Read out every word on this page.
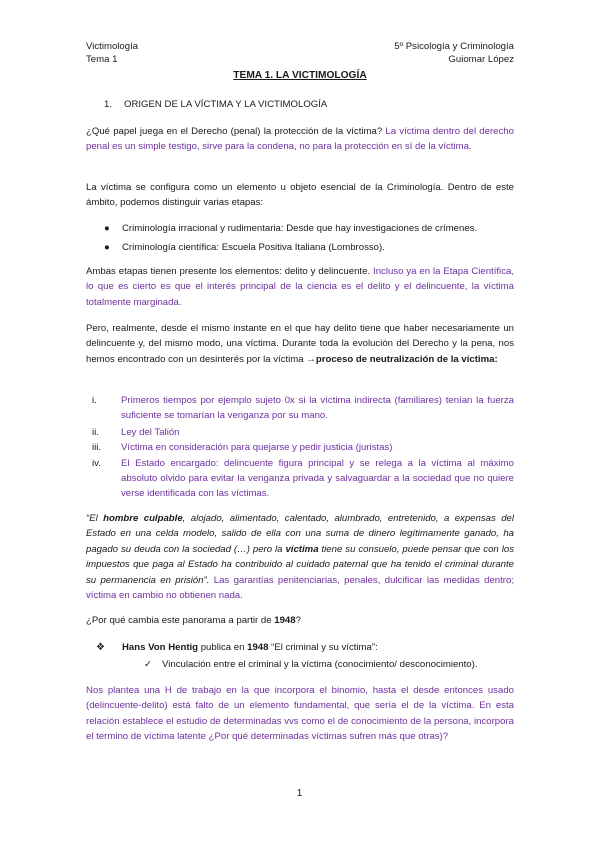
Victimología
Tema 1
5º Psicología y Criminología
Guiomar López
TEMA 1. LA VICTIMOLOGÍA
1. ORIGEN DE LA VÍCTIMA Y LA VICTIMOLOGÍA

¿Qué papel juega en el Derecho (penal) la protección de la víctima? La víctima dentro del derecho penal es un simple testigo, sirve para la condena, no para la protección en sí de la víctima.

La víctima se configura como un elemento u objeto esencial de la Criminología. Dentro de este ámbito, podemos distinguir varias etapas:

●	Criminología irracional y rudimentaria: Desde que hay investigaciones de crímenes.
●	Criminología científica: Escuela Positiva Italiana (Lombrosso).

Ambas etapas tienen presente los elementos: delito y delincuente. Incluso ya en la Etapa Científica, lo que es cierto es que el interés principal de la ciencia es el delito y el delincuente, la víctima totalmente marginada.

Pero, realmente, desde el mismo instante en el que hay delito tiene que haber necesariamente un delincuente y, del mismo modo, una víctima. Durante toda la evolución del Derecho y la pena, nos hemos encontrado con un desinterés por la víctima →proceso de neutralización de la víctima:

i.	Primeros tiempos por ejemplo sujeto 0x si la víctima indirecta (familiares) tenían la fuerza suficiente se tomarían la venganza por su mano.
ii.	Ley del Talión
iii.	Víctima en consideración para quejarse y pedir justicia (juristas)
iv.	El Estado encargado: delincuente figura principal y se relega a la víctima al máximo absoluto olvido para evitar la venganza privada y salvaguardar a la sociedad que no quiere verse identificada con las víctimas.

“El hombre culpable, alojado, alimentado, calentado, alumbrado, entretenido, a expensas del Estado en una celda modelo, salido de ella con una suma de dinero legítimamente ganado, ha pagado su deuda con la sociedad (…) pero la víctima tiene su consuelo, puede pensar que con los impuestos que paga al Estado ha contribuido al cuidado paternal que ha tenido el criminal durante su permanencia en prisión”. Las garantías penitenciarias, penales, dulcificar las medidas dentro; víctima en cambio no obtienen nada.

¿Por qué cambia este panorama a partir de 1948?

❖ Hans Von Hentig publica en 1948 “El criminal y su víctima”:
✓ Vinculación entre el criminal y la víctima (conocimiento/ desconocimiento).

Nos plantea una H de trabajo en la que incorpora el binomio, hasta el desde entonces usado (delincuente-delito) está falto de un elemento fundamental, que sería el de la víctima. En esta relación establece el estudio de determinadas vvs como el de conocimiento de la persona, incorpora el termino de víctima latente ¿Por qué determinadas víctimas sufren más que otras)?

1
